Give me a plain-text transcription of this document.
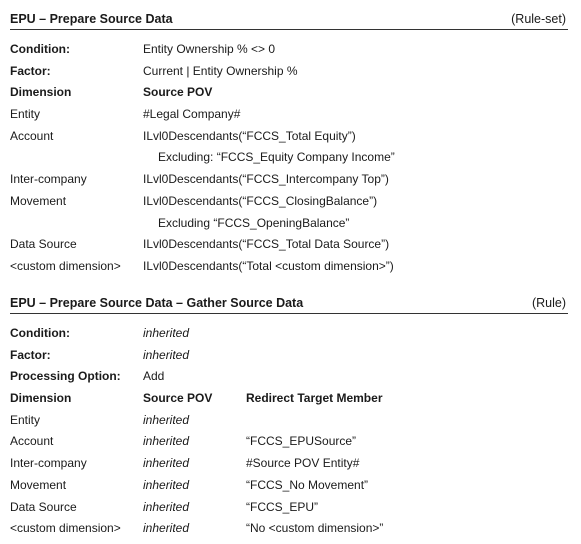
EPU – Prepare Source Data	(Rule-set)
Condition:	Entity Ownership % <> 0
Factor:	Current | Entity Ownership %
Dimension	Source POV
Entity	#Legal Company#
Account	ILvl0Descendants(“FCCS_Total Equity”)
Excluding: “FCCS_Equity Company Income”
Inter-company	ILvl0Descendants(“FCCS_Intercompany Top”)
Movement	ILvl0Descendants(“FCCS_ClosingBalance”)
Excluding “FCCS_OpeningBalance”
Data Source	ILvl0Descendants(“FCCS_Total Data Source”)
<custom dimension>	ILvl0Descendants(“Total <custom dimension>”)
EPU – Prepare Source Data – Gather Source Data	(Rule)
Condition:	inherited
Factor:	inherited
Processing Option:	Add
Dimension	Source POV	Redirect Target Member
Entity	inherited
Account	inherited	“FCCS_EPUSource”
Inter-company	inherited	#Source POV Entity#
Movement	inherited	“FCCS_No Movement”
Data Source	inherited	“FCCS_EPU”
<custom dimension>	inherited	“No <custom dimension>”
